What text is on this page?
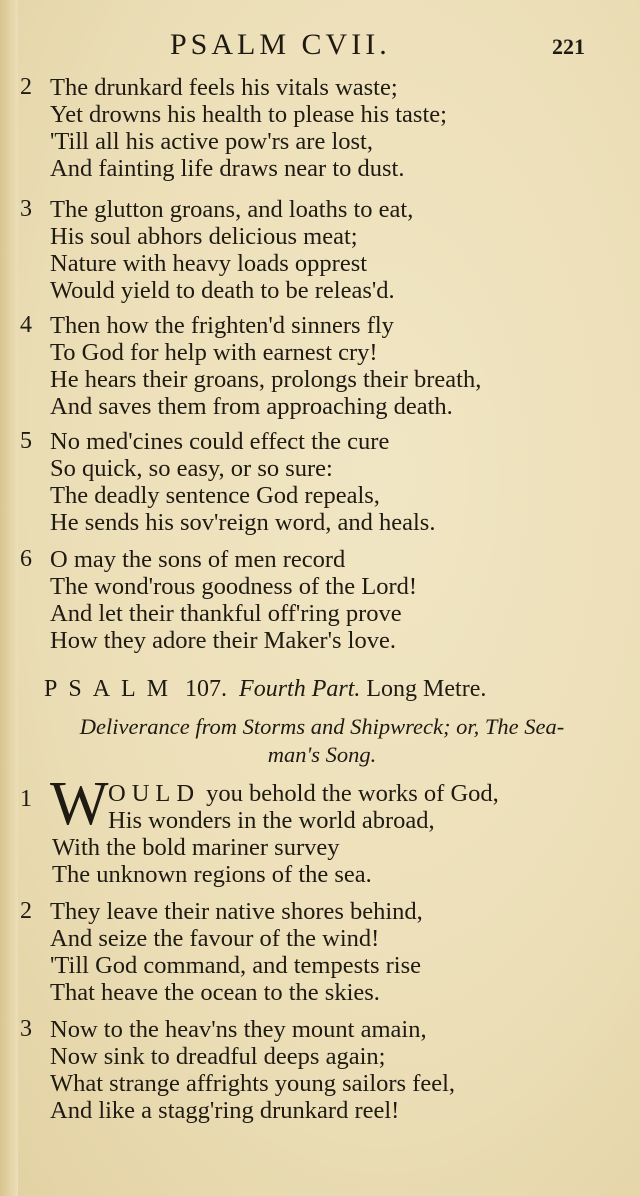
PSALM CVII.	221
2 The drunkard feels his vitals waste;
Yet drowns his health to please his taste;
'Till all his active pow'rs are lost,
And fainting life draws near to dust.
3 The glutton groans, and loaths to eat,
His soul abhors delicious meat;
Nature with heavy loads opprest
Would yield to death to be releas'd.
4 Then how the frighten'd sinners fly
To God for help with earnest cry!
He hears their groans, prolongs their breath,
And saves them from approaching death.
5 No med'cines could effect the cure
So quick, so easy, or so sure:
The deadly sentence God repeals,
He sends his sov'reign word, and heals.
6 O may the sons of men record
The wond'rous goodness of the Lord!
And let their thankful off'ring prove
How they adore their Maker's love.
PSALM 107. Fourth Part. Long Metre.
Deliverance from Storms and Shipwreck; or, The Sea-
man's Song.
1 W OULD you behold the works of God,
His wonders in the world abroad,
With the bold mariner survey
The unknown regions of the sea.
2 They leave their native shores behind,
And seize the favour of the wind!
'Till God command, and tempests rise
That heave the ocean to the skies.
3 Now to the heav'ns they mount amain,
Now sink to dreadful deeps again;
What strange affrights young sailors feel,
And like a stagg'ring drunkard reel!
